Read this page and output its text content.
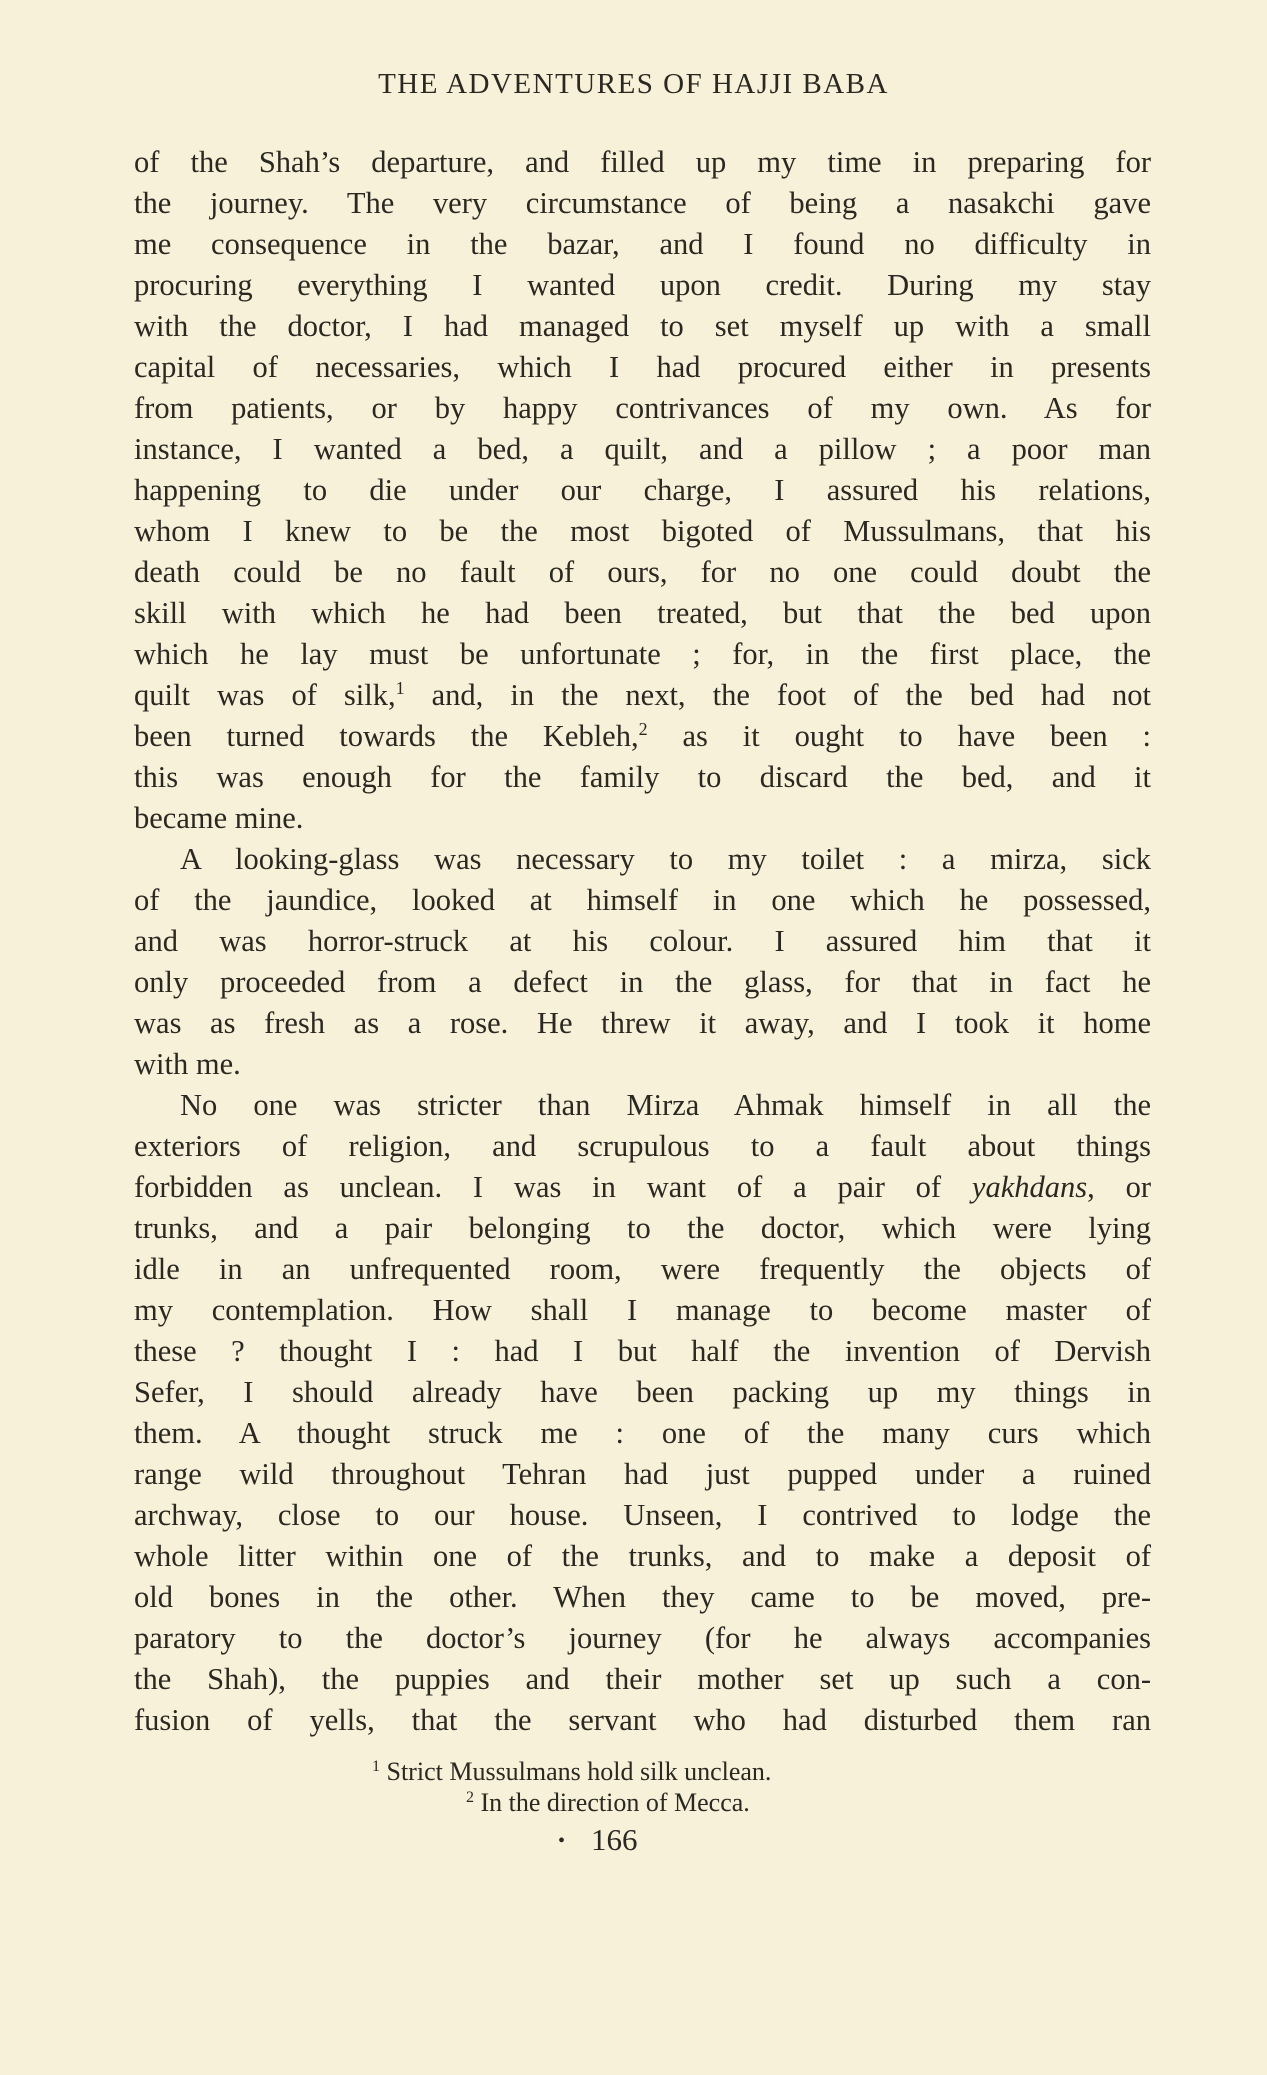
THE ADVENTURES OF HAJJI BABA
of the Shah’s departure, and filled up my time in preparing for
the journey. The very circumstance of being a nasakchi gave
me consequence in the bazar, and I found no difficulty in
procuring everything I wanted upon credit. During my stay
with the doctor, I had managed to set myself up with a small
capital of necessaries, which I had procured either in presents
from patients, or by happy contrivances of my own. As for
instance, I wanted a bed, a quilt, and a pillow ; a poor man
happening to die under our charge, I assured his relations,
whom I knew to be the most bigoted of Mussulmans, that his
death could be no fault of ours, for no one could doubt the
skill with which he had been treated, but that the bed upon
which he lay must be unfortunate ; for, in the first place, the
quilt was of silk,$^1$ and, in the next, the foot of the bed had not
been turned towards the Kebleh,$^2$ as it ought to have been :
this was enough for the family to discard the bed, and it
became mine.
A looking-glass was necessary to my toilet : a mirza, sick
of the jaundice, looked at himself in one which he possessed,
and was horror-struck at his colour. I assured him that it
only proceeded from a defect in the glass, for that in fact he
was as fresh as a rose. He threw it away, and I took it home
with me.
No one was stricter than Mirza Ahmak himself in all the
exteriors of religion, and scrupulous to a fault about things
forbidden as unclean. I was in want of a pair of yakhdans, or
trunks, and a pair belonging to the doctor, which were lying
idle in an unfrequented room, were frequently the objects of
my contemplation. How shall I manage to become master of
these ? thought I : had I but half the invention of Dervish
Sefer, I should already have been packing up my things in
them. A thought struck me : one of the many curs which
range wild throughout Tehran had just pupped under a ruined
archway, close to our house. Unseen, I contrived to lodge the
whole litter within one of the trunks, and to make a deposit of
old bones in the other. When they came to be moved, pre-
paratory to the doctor’s journey (for he always accompanies
the Shah), the puppies and their mother set up such a con-
fusion of yells, that the servant who had disturbed them ran
$^1$ Strict Mussulmans hold silk unclean.
$^2$ In the direction of Mecca.
• 166
